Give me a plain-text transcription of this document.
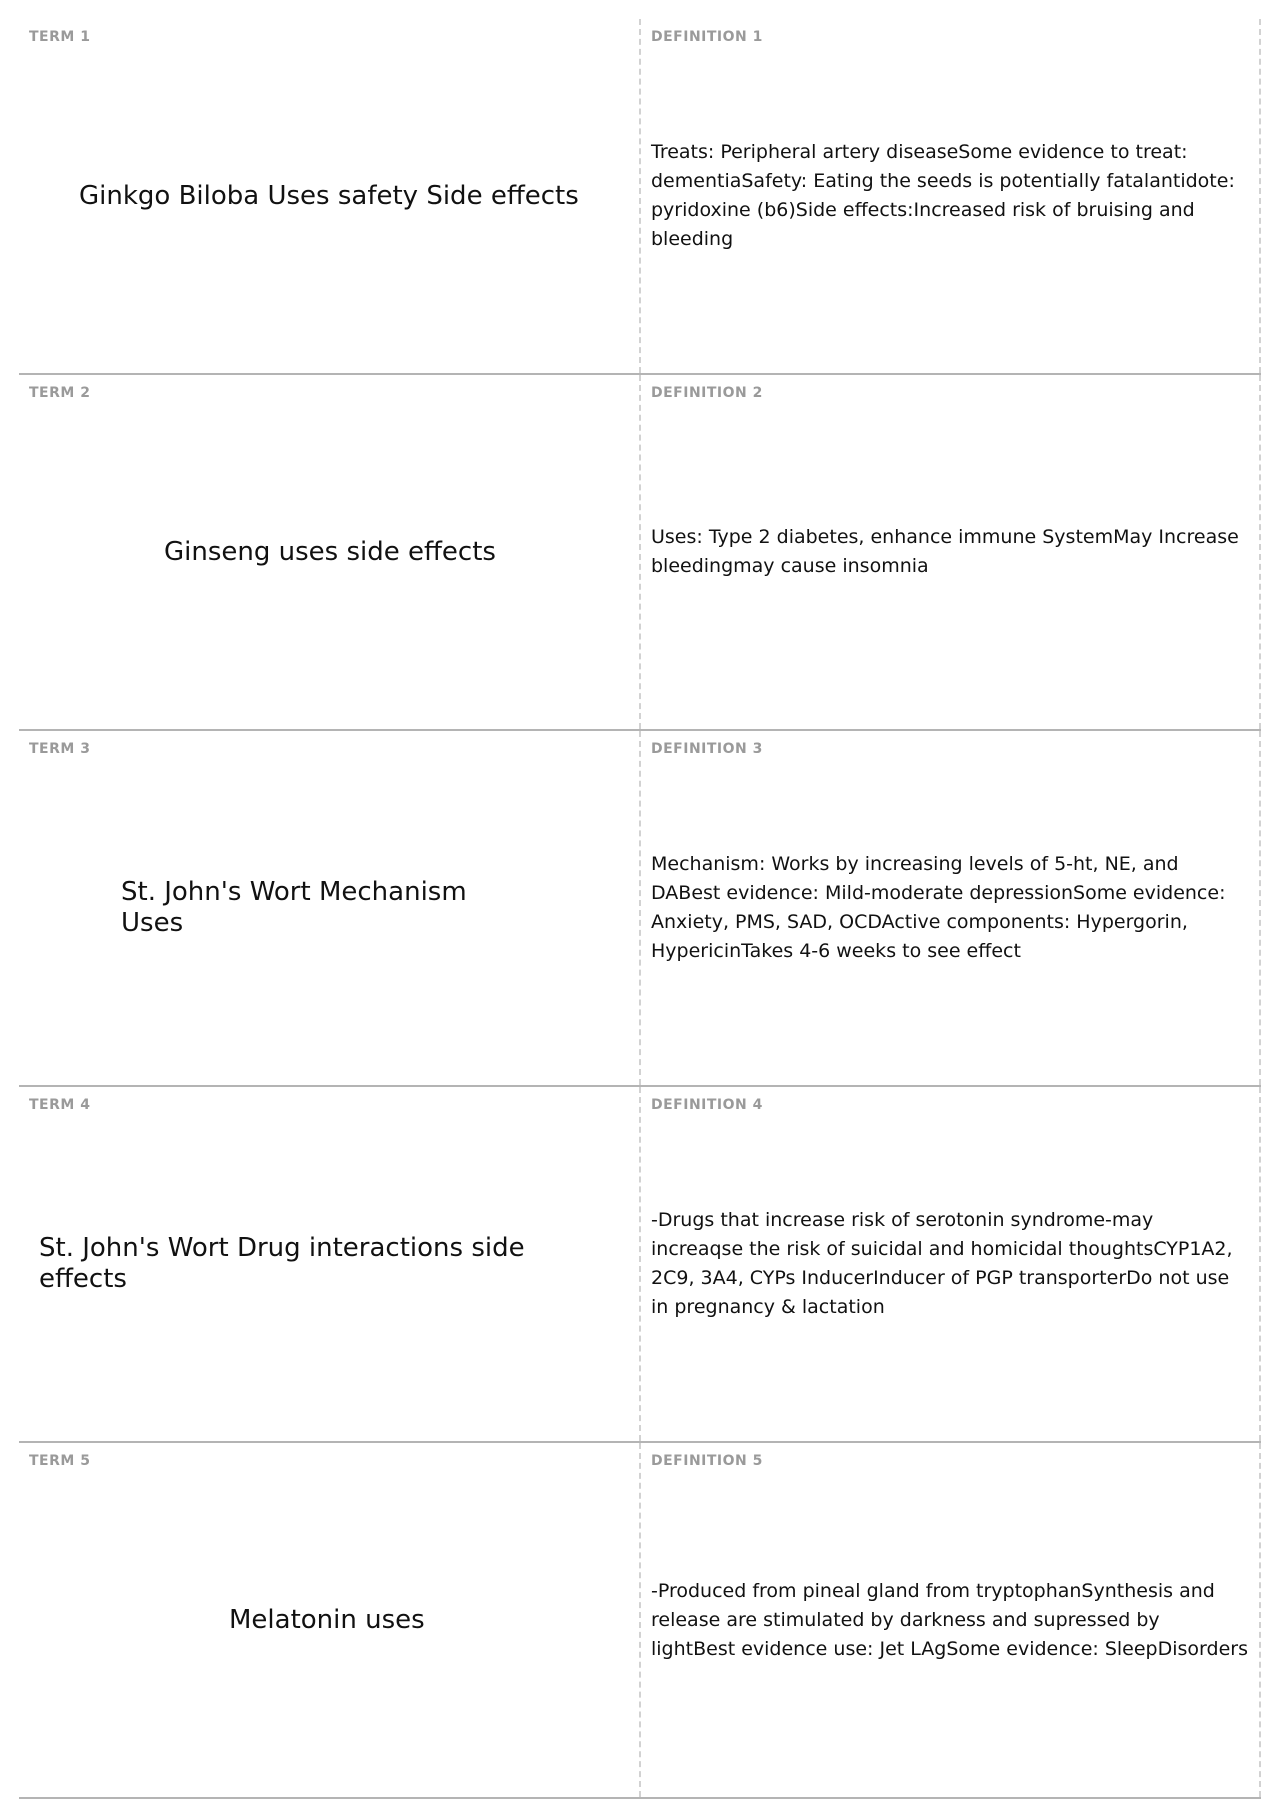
TERM 1
Ginkgo Biloba Uses safety Side effects
DEFINITION 1
Treats: Peripheral artery diseaseSome evidence to treat: dementiaSafety: Eating the seeds is potentially fatalantidote: pyridoxine (b6)Side effects:Increased risk of bruising and bleeding
TERM 2
Ginseng uses side effects
DEFINITION 2
Uses: Type 2 diabetes, enhance immune SystemMay Increase bleedingmay cause insomnia
St. John's Wort Mechanism Uses
TERM 3	DEFINITION 3
Mechanism: Works by increasing levels of 5-ht, NE, and DABest evidence: Mild-moderate depressionSome evidence: Anxiety, PMS, SAD, OCDActive components: Hypergorin, HypericinTakes 4-6 weeks to see effect
TERM 4
St. John's Wort Drug interactions side effects
DEFINITION 4
-Drugs that increase risk of serotonin syndrome-may increaqse the risk of suicidal and homicidal thoughtsCYP1A2, 2C9, 3A4, CYPs InducerInducer of PGP transporterDo not use in pregnancy & lactation
TERM 5
Melatonin uses
DEFINITION 5
-Produced from pineal gland from tryptophanSynthesis and release are stimulated by darkness and supressed by lightBest evidence use: Jet LAgSome evidence: SleepDisorders
